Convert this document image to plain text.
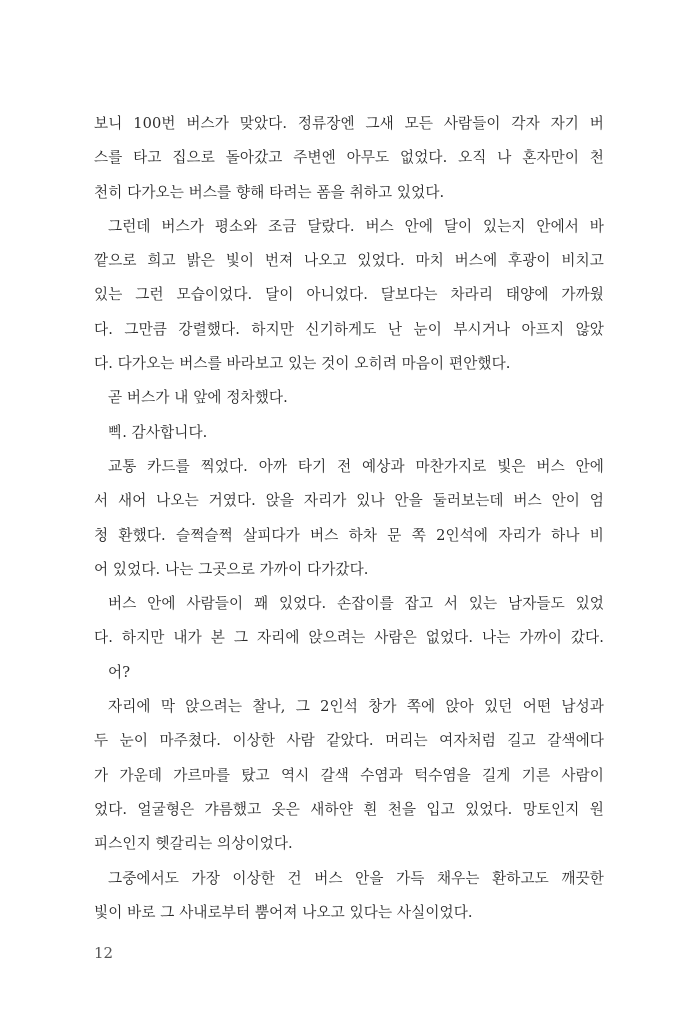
보니 100번 버스가 맞았다. 정류장엔 그새 모든 사람들이 각자 자기 버
스를 타고 집으로 돌아갔고 주변엔 아무도 없었다. 오직 나 혼자만이 천
천히 다가오는 버스를 향해 타려는 폼을 취하고 있었다.
그런데 버스가 평소와 조금 달랐다. 버스 안에 달이 있는지 안에서 바
깥으로 희고 밝은 빛이 번져 나오고 있었다. 마치 버스에 후광이 비치고
있는 그런 모습이었다. 달이 아니었다. 달보다는 차라리 태양에 가까웠
다. 그만큼 강렬했다. 하지만 신기하게도 난 눈이 부시거나 아프지 않았
다. 다가오는 버스를 바라보고 있는 것이 오히려 마음이 편안했다.
곧 버스가 내 앞에 정차했다.
삑. 감사합니다.
교통 카드를 찍었다. 아까 타기 전 예상과 마찬가지로 빛은 버스 안에
서 새어 나오는 거였다. 앉을 자리가 있나 안을 둘러보는데 버스 안이 엄
청 환했다. 슬쩍슬쩍 살피다가 버스 하차 문 쪽 2인석에 자리가 하나 비
어 있었다. 나는 그곳으로 가까이 다가갔다.
버스 안에 사람들이 꽤 있었다. 손잡이를 잡고 서 있는 남자들도 있었
다. 하지만 내가 본 그 자리에 앉으려는 사람은 없었다. 나는 가까이 갔다.
어?
자리에 막 앉으려는 찰나, 그 2인석 창가 쪽에 앉아 있던 어떤 남성과
두 눈이 마주쳤다. 이상한 사람 같았다. 머리는 여자처럼 길고 갈색에다
가 가운데 가르마를 탔고 역시 갈색 수염과 턱수염을 길게 기른 사람이
었다. 얼굴형은 갸름했고 옷은 새하얀 흰 천을 입고 있었다. 망토인지 원
피스인지 헷갈리는 의상이었다.
그중에서도 가장 이상한 건 버스 안을 가득 채우는 환하고도 깨끗한
빛이 바로 그 사내로부터 뿜어져 나오고 있다는 사실이었다.
12
